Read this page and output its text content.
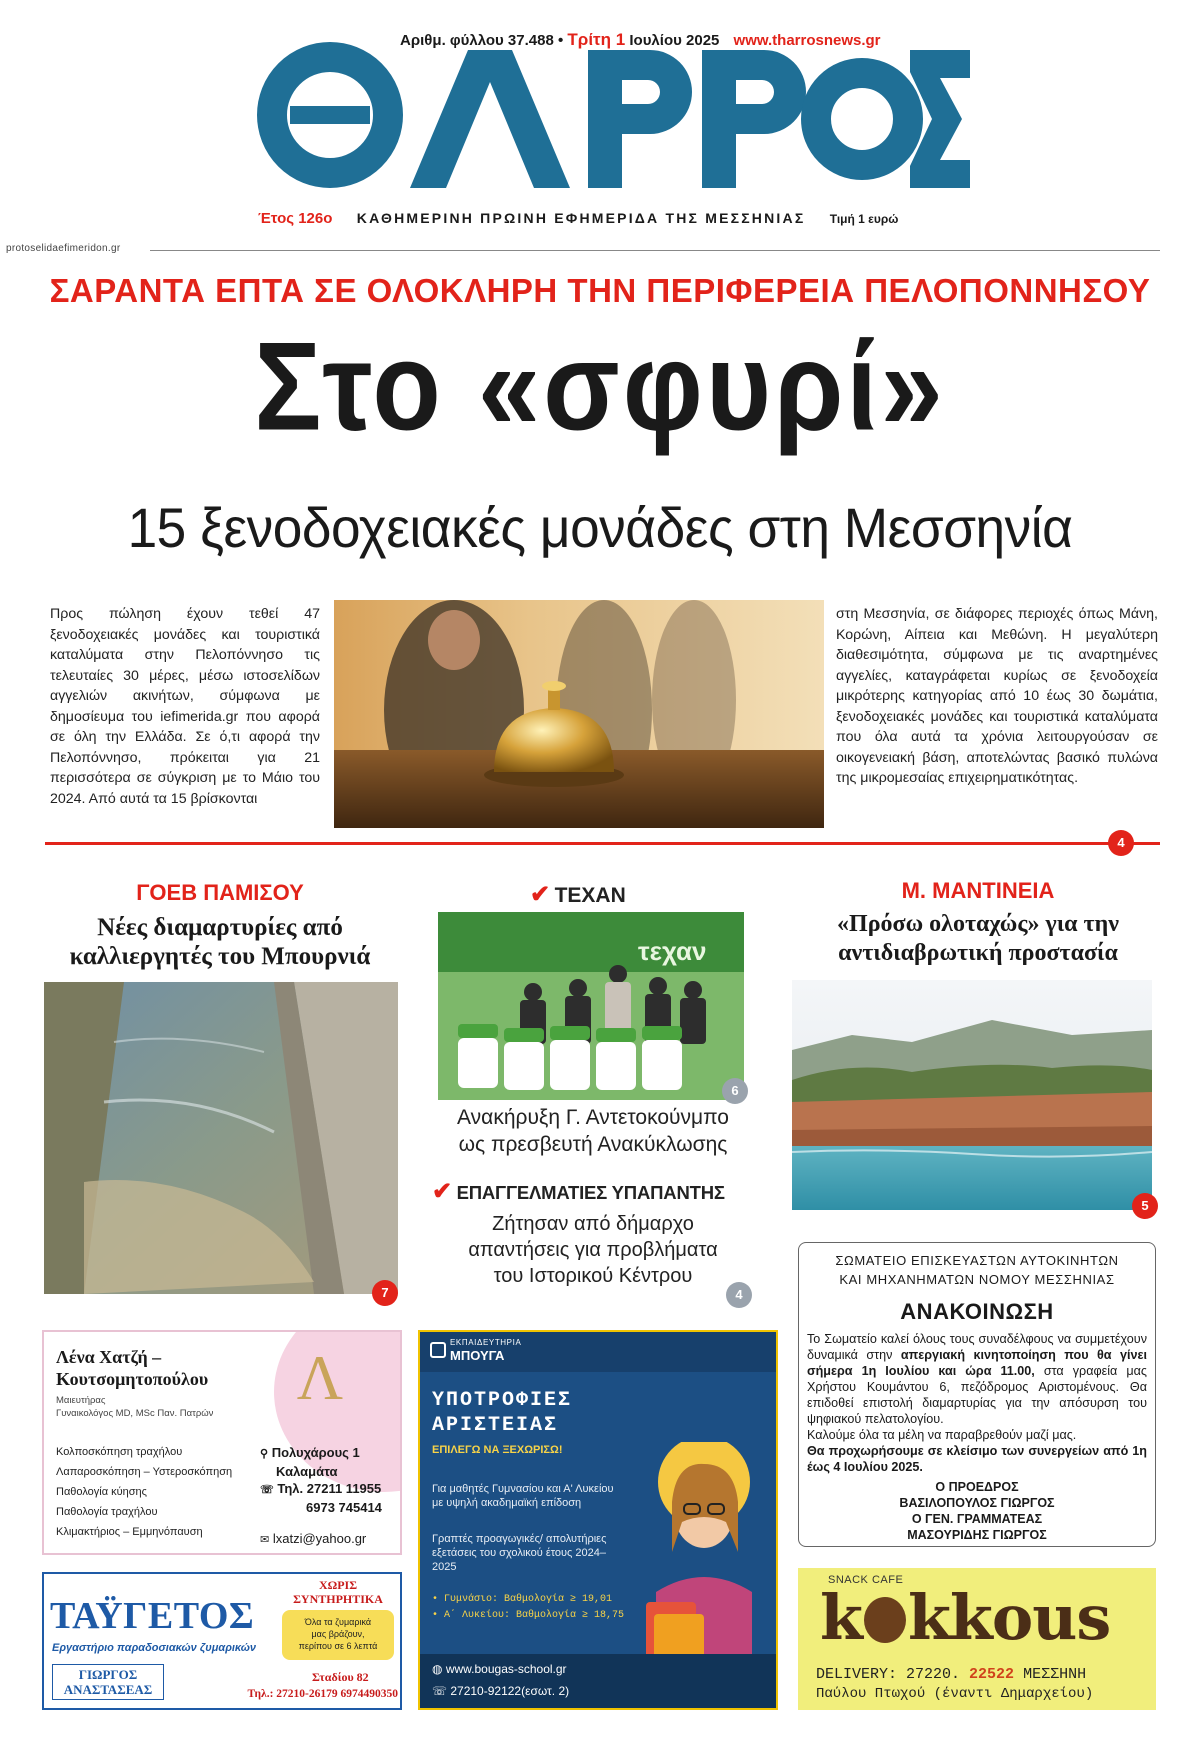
Αριθμ. φύλλου 37.488 • Τρίτη 1 Ιουλίου 2025 www.tharrosnews.gr
Έτος 126ο ΚΑΘΗΜΕΡΙΝΗ ΠΡΩΙΝΗ ΕΦΗΜΕΡΙΔΑ ΤΗΣ ΜΕΣΣΗΝΙΑΣ Τιμή 1 ευρώ
protoselidaefimeridon.gr
ΣΑΡΑΝΤΑ ΕΠΤΑ ΣΕ ΟΛΟΚΛΗΡΗ ΤΗΝ ΠΕΡΙΦΕΡΕΙΑ ΠΕΛΟΠΟΝΝΗΣΟΥ
Στο «σφυρί»
15 ξενοδοχειακές μονάδες στη Μεσσηνία
Προς πώληση έχουν τεθεί 47 ξενοδοχειακές μονάδες και τουριστικά καταλύματα στην Πελοπόννησο τις τελευταίες 30 μέρες, μέσω ιστοσελίδων αγγελιών ακινήτων, σύμφωνα με δημοσίευμα του iefimerida.gr που αφορά σε όλη την Ελλάδα. Σε ό,τι αφορά την Πελοπόννησο, πρόκειται για 21 περισσότερα σε σύγκριση με το Μάιο του 2024. Από αυτά τα 15 βρίσκονται
στη Μεσσηνία, σε διάφορες περιοχές όπως Μάνη, Κορώνη, Αίπεια και Μεθώνη. Η μεγαλύτερη διαθεσιμότητα, σύμφωνα με τις αναρτημένες αγγελίες, καταγράφεται κυρίως σε ξενοδοχεία μικρότερης κατηγορίας από 10 έως 30 δωμάτια, ξενοδοχειακές μονάδες και τουριστικά καταλύματα που όλα αυτά τα χρόνια λειτουργούσαν σε οικογενειακή βάση, αποτελώντας βασικό πυλώνα της μικρομεσαίας επιχειρηματικότητας.
4
ΓΟΕΒ ΠΑΜΙΣΟΥ
Νέες διαμαρτυρίες από
καλλιεργητές του Μπουρνιά
7
✔ ΤΕΧΑΝ
τεχαν
6
Ανακήρυξη Γ. Αντετοκούνμπο
ως πρεσβευτή Ανακύκλωσης
✔ ΕΠΑΓΓΕΛΜΑΤΙΕΣ ΥΠΑΠΑΝΤΗΣ
Ζήτησαν από δήμαρχο
απαντήσεις για προβλήματα
του Ιστορικού Κέντρου
4
Μ. ΜΑΝΤΙΝΕΙΑ
«Πρόσω ολοταχώς» για την
αντιδιαβρωτική προστασία
5
ΣΩΜΑΤΕΙΟ ΕΠΙΣΚΕΥΑΣΤΩΝ ΑΥΤΟΚΙΝΗΤΩΝ
ΚΑΙ ΜΗΧΑΝΗΜΑΤΩΝ ΝΟΜΟΥ ΜΕΣΣΗΝΙΑΣ
ΑΝΑΚΟΙΝΩΣΗ
Το Σωματείο καλεί όλους τους συναδέλφους να συμμετέχουν δυναμικά στην απεργιακή κινητοποίηση που θα γίνει σήμερα 1η Ιουλίου και ώρα 11.00, στα γραφεία μας Χρήστου Κουμάντου 6, πεζόδρομος Αριστομένους. Θα επιδοθεί επιστολή διαμαρτυρίας για την απόσυρση του ψηφιακού πελατολογίου.
Καλούμε όλα τα μέλη να παραβρεθούν μαζί μας.
Θα προχωρήσουμε σε κλείσιμο των συνεργείων από 1η έως 4 Ιουλίου 2025.
Ο ΠΡΟΕΔΡΟΣ
ΒΑΣΙΛΟΠΟΥΛΟΣ ΓΙΩΡΓΟΣ
Ο ΓΕΝ. ΓΡΑΜΜΑΤΕΑΣ
ΜΑΣΟΥΡΙΔΗΣ ΓΙΩΡΓΟΣ
Λένα Χατζή –
Κουτσομητοπούλου
Μαιευτήρας
Γυναικολόγος MD, MSc Παν. Πατρών
Λ
Κολποσκόπηση τραχήλου
Λαπαροσκόπηση – Υστεροσκόπηση
Παθολογία κύησης
Παθολογία τραχήλου
Κλιμακτήριος – Εμμηνόπαυση
⚲ Πολυχάρους 1
Καλαμάτα
☏ Τηλ. 27211 11955
6973 745414
✉ lxatzi@yahoo.gr
ΕΚΠΑΙΔΕΥΤΗΡΙΑ
ΜΠΟΥΓΑ
ΥΠΟΤΡΟΦΙΕΣ
ΑΡΙΣΤΕΙΑΣ
ΕΠΙΛΕΓΩ ΝΑ ΞΕΧΩΡΙΣΩ!
Για μαθητές Γυμνασίου και Α' Λυκείου με υψηλή ακαδημαϊκή επίδοση
Γραπτές προαγωγικές/ απολυτήριες εξετάσεις του σχολικού έτους 2024–2025
• Γυμνάσιο: Βαθμολογία ≥ 19,01
• Α΄ Λυκείου: Βαθμολογία ≥ 18,75
◍ www.bougas-school.gr
☏ 27210-92122(εσωτ. 2)
ΤΑΫΓΕΤΟΣ
ΧΩΡΙΣ
ΣΥΝΤΗΡΗΤΙΚΑ
Εργαστήριο παραδοσιακών ζυμαρικών
Όλα τα ζυμαρικά
μας βράζουν,
περίπου σε 6 λεπτά
ΓΙΩΡΓΟΣ
ΑΝΑΣΤΑΣΕΑΣ
Σταδίου 82
Τηλ.: 27210-26179 6974490350
SNACK CAFE
k kkous
DELIVERY: 27220. 22522 ΜΕΣΣΗΝΗ
Παύλου Πτωχού (έναντι Δημαρχείου)
